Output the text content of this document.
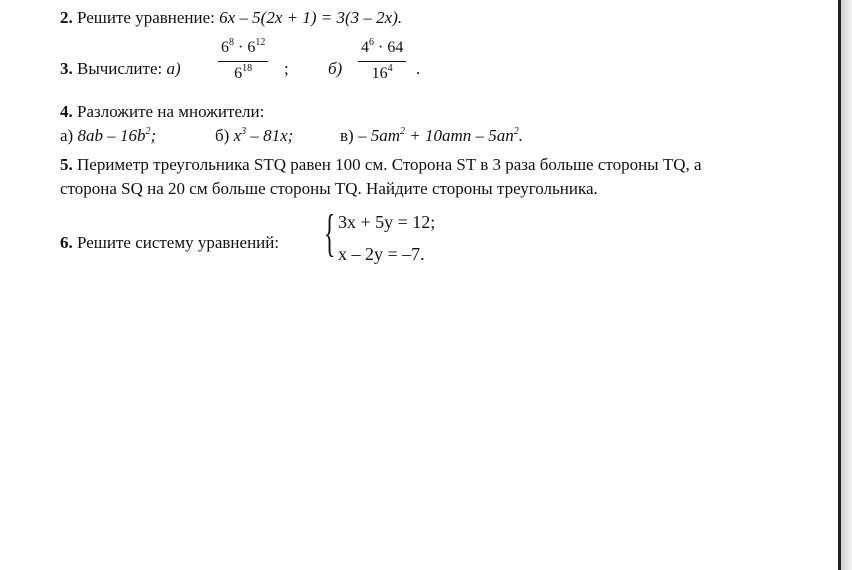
2. Решите уравнение: 6x – 5(2x + 1) = 3(3 – 2x).
3. Вычислите: а)
$6^8 \cdot 6^{12}$
$6^{18}$	; б)
$4^6 \cdot 64$
$16^4$	.
4. Разложите на множители:
а) $8ab - 16b^2$;	б) $x^3 - 81x$;	$в) - 5am^2 + 10amn - 5an^2$.
5. Периметр треугольника STQ равен 100 см. Сторона ST в 3 раза больше стороны TQ, а
сторона SQ на 20 см больше стороны TQ. Найдите стороны треугольника.
6. Решите систему уравнений: { 3x + 5y = 12;
x – 2y = –7.
